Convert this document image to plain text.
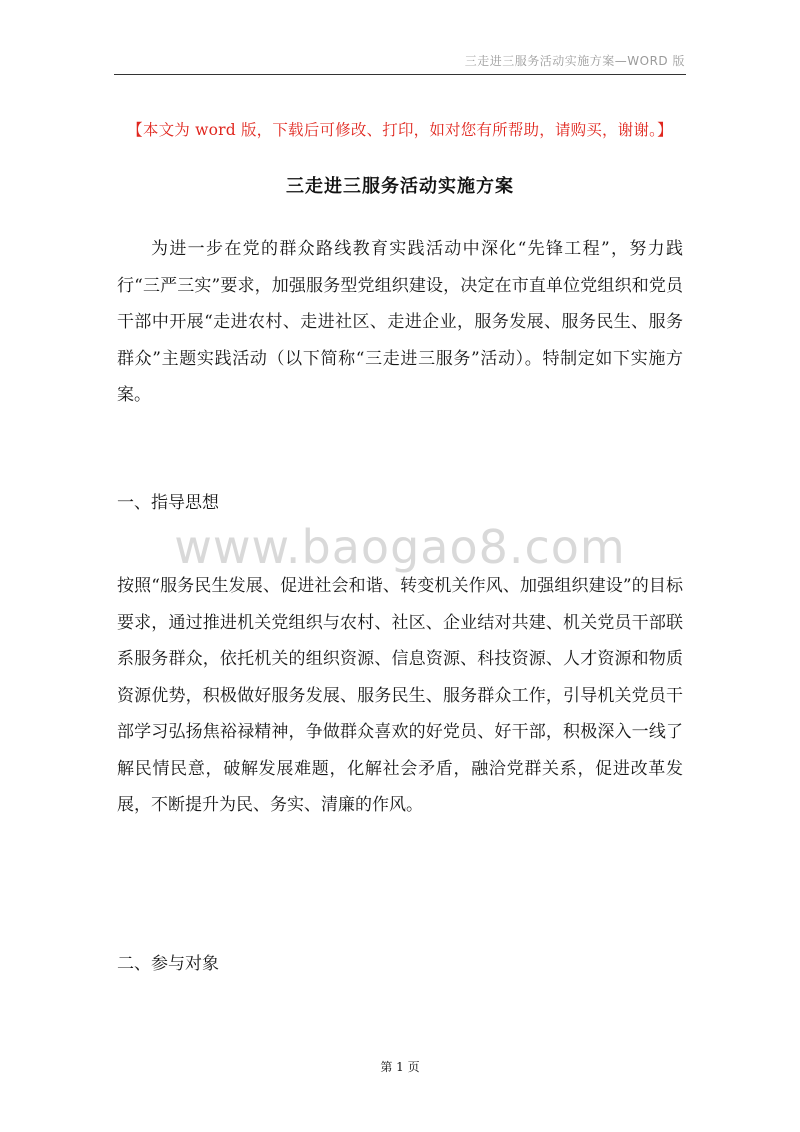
三走进三服务活动实施方案—WORD 版
【本文为 word 版，下载后可修改、打印，如对您有所帮助，请购买，谢谢。】
三走进三服务活动实施方案
为进一步在党的群众路线教育实践活动中深化“先锋工程”，努力践行“三严三实”要求，加强服务型党组织建设，决定在市直单位党组织和党员干部中开展“走进农村、走进社区、走进企业，服务发展、服务民生、服务群众”主题实践活动（以下简称“三走进三服务”活动）。特制定如下实施方案。
一、指导思想
www.baogao8.com
按照“服务民生发展、促进社会和谐、转变机关作风、加强组织建设”的目标要求，通过推进机关党组织与农村、社区、企业结对共建、机关党员干部联系服务群众，依托机关的组织资源、信息资源、科技资源、人才资源和物质资源优势，积极做好服务发展、服务民生、服务群众工作，引导机关党员干部学习弘扬焦裕禄精神，争做群众喜欢的好党员、好干部，积极深入一线了解民情民意，破解发展难题，化解社会矛盾，融洽党群关系，促进改革发展，不断提升为民、务实、清廉的作风。
二、参与对象
第 1 页
